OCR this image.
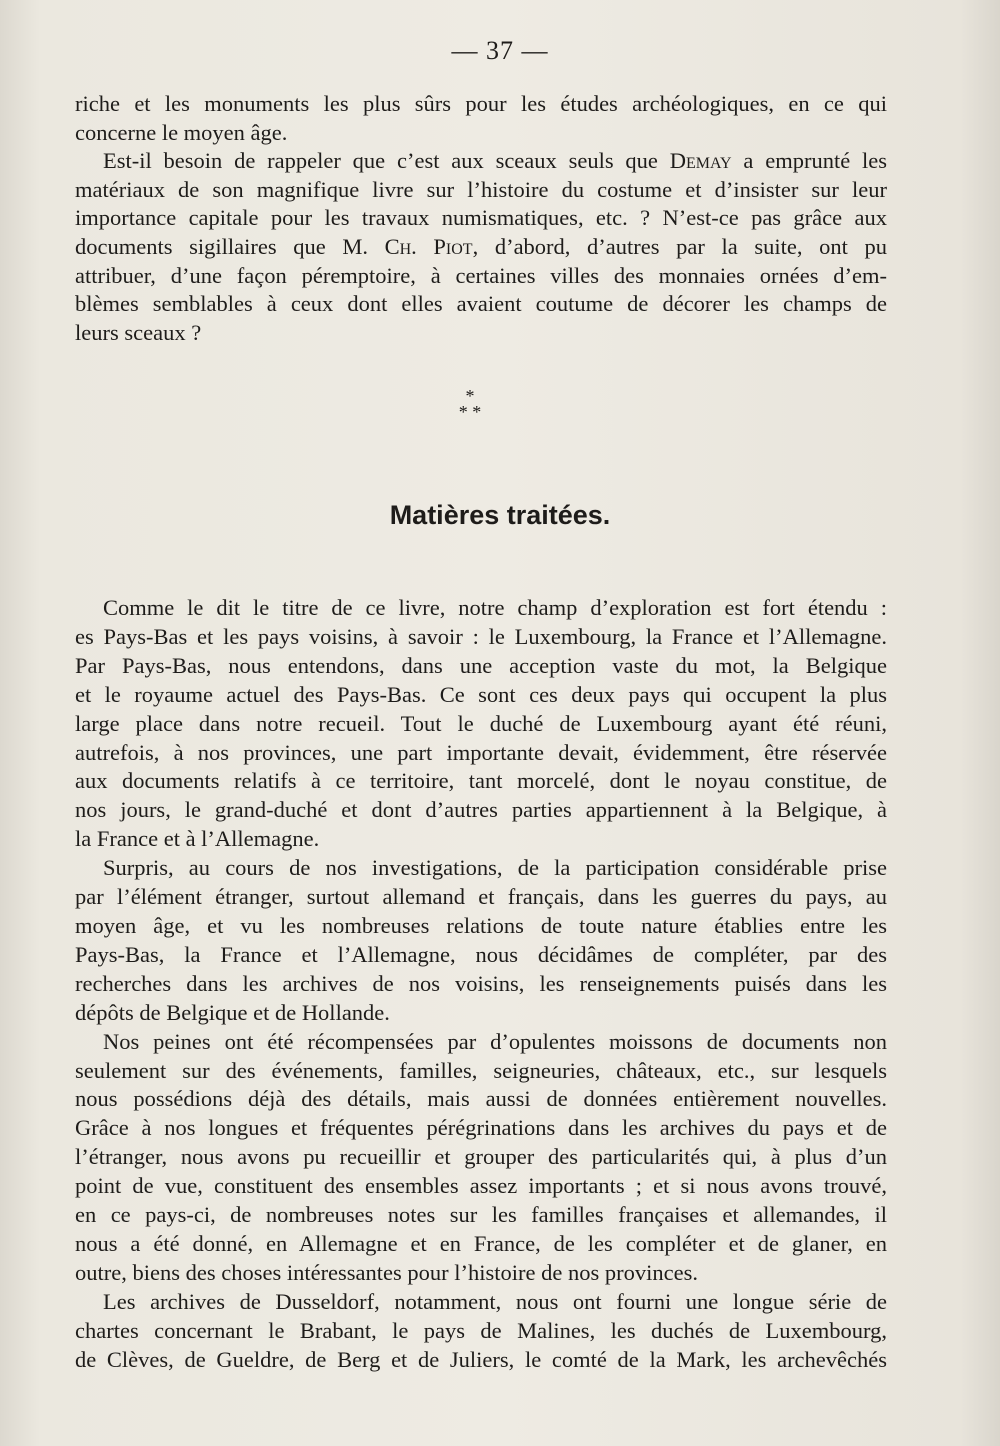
— 37 —

riche et les monuments les plus sûrs pour les études archéologiques, en ce qui

concerne le moyen âge.

Est-il besoin de rappeler que c’est aux sceaux seuls que Demay a emprunté les

matériaux de son magnifique livre sur l’histoire du costume et d’insister sur leur

importance capitale pour les travaux numismatiques, etc. ? N’est-ce pas grâce aux

documents sigillaires que M. Ch. Piot, d’abord, d’autres par la suite, ont pu

attribuer, d’une façon péremptoire, à certaines villes des monnaies ornées d’em-

blèmes semblables à ceux dont elles avaient coutume de décorer les champs de

leurs sceaux ?

*
* *
Matières traitées.

Comme le dit le titre de ce livre, notre champ d’exploration est fort étendu :

es Pays-Bas et les pays voisins, à savoir : le Luxembourg, la France et l’Allemagne.

Par Pays-Bas, nous entendons, dans une acception vaste du mot, la Belgique

et le royaume actuel des Pays-Bas. Ce sont ces deux pays qui occupent la plus

large place dans notre recueil. Tout le duché de Luxembourg ayant été réuni,

autrefois, à nos provinces, une part importante devait, évidemment, être réservée

aux documents relatifs à ce territoire, tant morcelé, dont le noyau constitue, de

nos jours, le grand-duché et dont d’autres parties appartiennent à la Belgique, à

la France et à l’Allemagne.

Surpris, au cours de nos investigations, de la participation considérable prise

par l’élément étranger, surtout allemand et français, dans les guerres du pays, au

moyen âge, et vu les nombreuses relations de toute nature établies entre les

Pays-Bas, la France et l’Allemagne, nous décidâmes de compléter, par des

recherches dans les archives de nos voisins, les renseignements puisés dans les

dépôts de Belgique et de Hollande.

Nos peines ont été récompensées par d’opulentes moissons de documents non

seulement sur des événements, familles, seigneuries, châteaux, etc., sur lesquels

nous possédions déjà des détails, mais aussi de données entièrement nouvelles.

Grâce à nos longues et fréquentes pérégrinations dans les archives du pays et de

l’étranger, nous avons pu recueillir et grouper des particularités qui, à plus d’un

point de vue, constituent des ensembles assez importants ; et si nous avons trouvé,

en ce pays-ci, de nombreuses notes sur les familles françaises et allemandes, il

nous a été donné, en Allemagne et en France, de les compléter et de glaner, en

outre, biens des choses intéressantes pour l’histoire de nos provinces.

Les archives de Dusseldorf, notamment, nous ont fourni une longue série de

chartes concernant le Brabant, le pays de Malines, les duchés de Luxembourg,

de Clèves, de Gueldre, de Berg et de Juliers, le comté de la Mark, les archevêchés
